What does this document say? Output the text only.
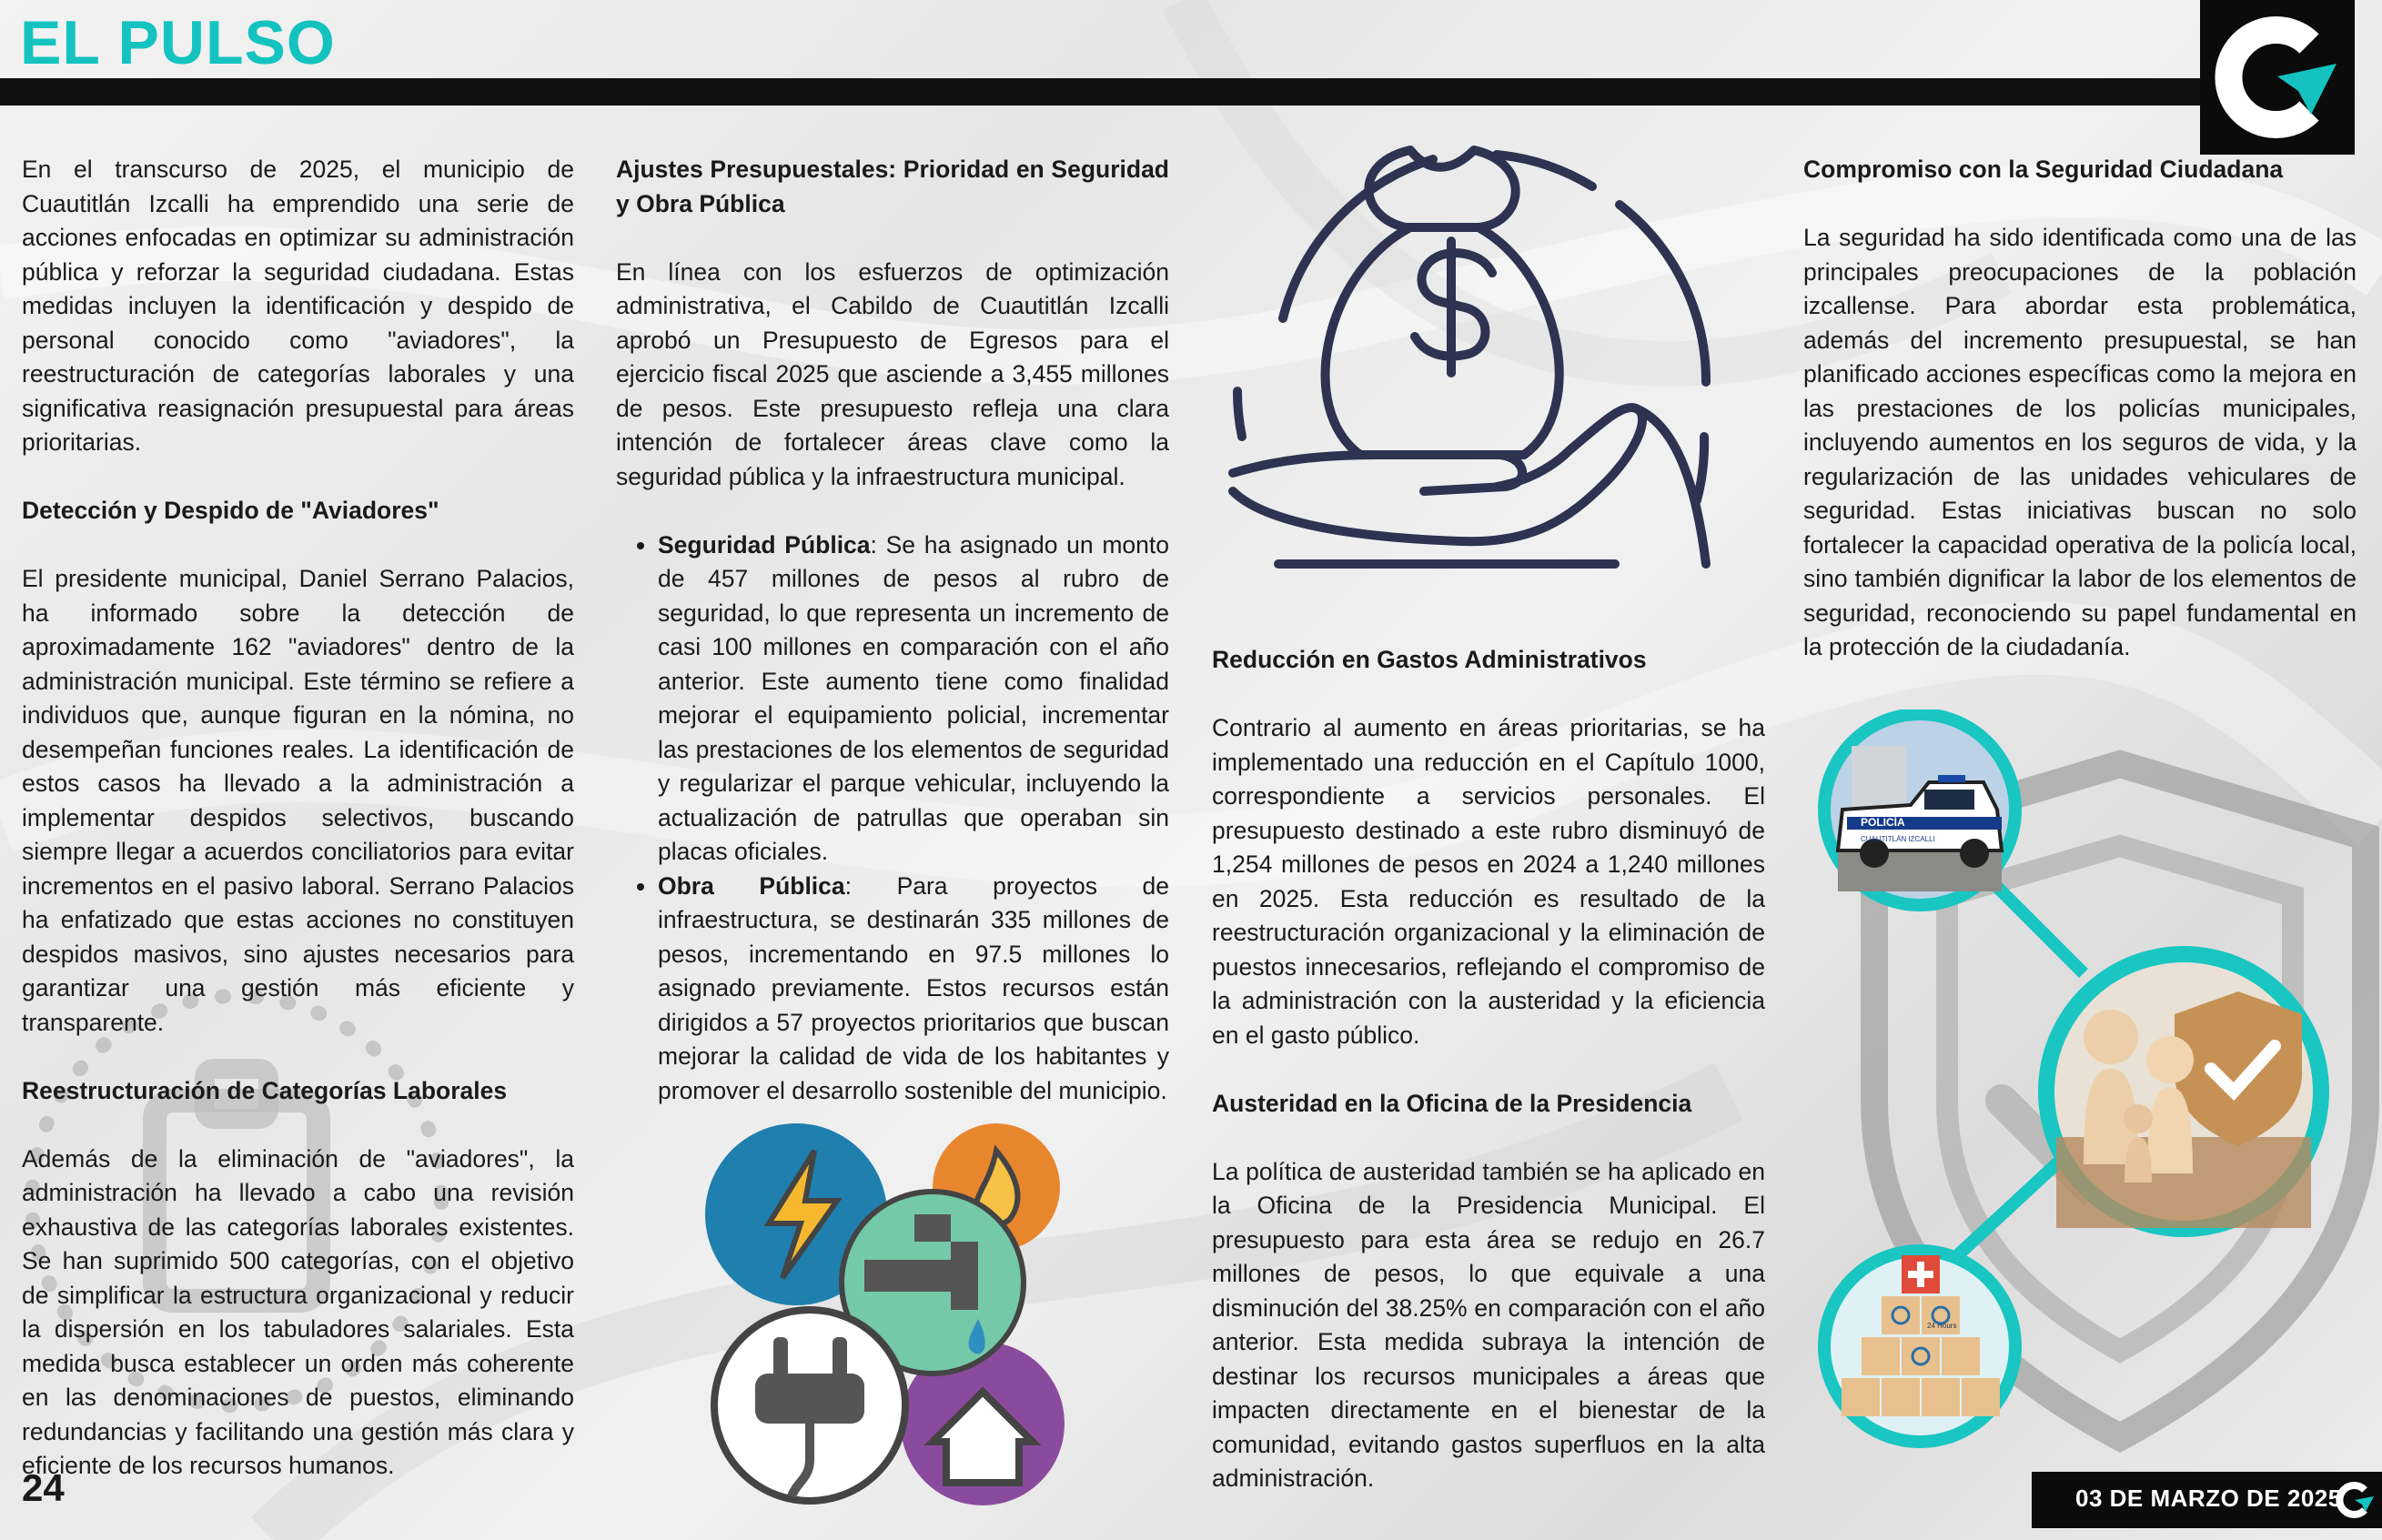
EL PULSO

En el transcurso de 2025, el municipio de Cuautitlán Izcalli ha emprendido una serie de acciones enfocadas en optimizar su administración pública y reforzar la seguridad ciudadana. Estas medidas incluyen la identificación y despido de personal conocido como "aviadores", la reestructuración de categorías laborales y una significativa reasignación presupuestal para áreas prioritarias.

Detección y Despido de "Aviadores"

El presidente municipal, Daniel Serrano Palacios, ha informado sobre la detección de aproximadamente 162 "aviadores" dentro de la administración municipal. Este término se refiere a individuos que, aunque figuran en la nómina, no desempeñan funciones reales. La identificación de estos casos ha llevado a la administración a implementar despidos selectivos, buscando siempre llegar a acuerdos conciliatorios para evitar incrementos en el pasivo laboral. Serrano Palacios ha enfatizado que estas acciones no constituyen despidos masivos, sino ajustes necesarios para garantizar una gestión más eficiente y transparente.

Reestructuración de Categorías Laborales

Además de la eliminación de "aviadores", la administración ha llevado a cabo una revisión exhaustiva de las categorías laborales existentes. Se han suprimido 500 categorías, con el objetivo de simplificar la estructura organizacional y reducir la dispersión en los tabuladores salariales. Esta medida busca establecer un orden más coherente en las denominaciones de puestos, eliminando redundancias y facilitando una gestión más clara y eficiente de los recursos humanos.

Ajustes Presupuestales: Prioridad en Seguridad y Obra Pública

En línea con los esfuerzos de optimización administrativa, el Cabildo de Cuautitlán Izcalli aprobó un Presupuesto de Egresos para el ejercicio fiscal 2025 que asciende a 3,455 millones de pesos. Este presupuesto refleja una clara intención de fortalecer áreas clave como la seguridad pública y la infraestructura municipal.

• Seguridad Pública: Se ha asignado un monto de 457 millones de pesos al rubro de seguridad, lo que representa un incremento de casi 100 millones en comparación con el año anterior. Este aumento tiene como finalidad mejorar el equipamiento policial, incrementar las prestaciones de los elementos de seguridad y regularizar el parque vehicular, incluyendo la actualización de patrullas que operaban sin placas oficiales.
• Obra Pública: Para proyectos de infraestructura, se destinarán 335 millones de pesos, incrementando en 97.5 millones lo asignado previamente. Estos recursos están dirigidos a 57 proyectos prioritarios que buscan mejorar la calidad de vida de los habitantes y promover el desarrollo sostenible del municipio.
Reducción en Gastos Administrativos

Contrario al aumento en áreas prioritarias, se ha implementado una reducción en el Capítulo 1000, correspondiente a servicios personales. El presupuesto destinado a este rubro disminuyó de 1,254 millones de pesos en 2024 a 1,240 millones en 2025. Esta reducción es resultado de la reestructuración organizacional y la eliminación de puestos innecesarios, reflejando el compromiso de la administración con la austeridad y la eficiencia en el gasto público.

Austeridad en la Oficina de la Presidencia

La política de austeridad también se ha aplicado en la Oficina de la Presidencia Municipal. El presupuesto para esta área se redujo en 26.7 millones de pesos, lo que equivale a una disminución del 38.25% en comparación con el año anterior. Esta medida subraya la intención de destinar los recursos municipales a áreas que impacten directamente en el bienestar de la comunidad, evitando gastos superfluos en la alta administración.

Compromiso con la Seguridad Ciudadana

La seguridad ha sido identificada como una de las principales preocupaciones de la población izcallense. Para abordar esta problemática, además del incremento presupuestal, se han planificado acciones específicas como la mejora en las prestaciones de los policías municipales, incluyendo aumentos en los seguros de vida, y la regularización de las unidades vehiculares de seguridad. Estas iniciativas buscan no solo fortalecer la capacidad operativa de la policía local, sino también dignificar la labor de los elementos de seguridad, reconociendo su papel fundamental en la protección de la ciudadanía.

POLICÍA
CUAUTITLÁN IZCALLI
24 Hours
24	03 DE MARZO DE 2025
